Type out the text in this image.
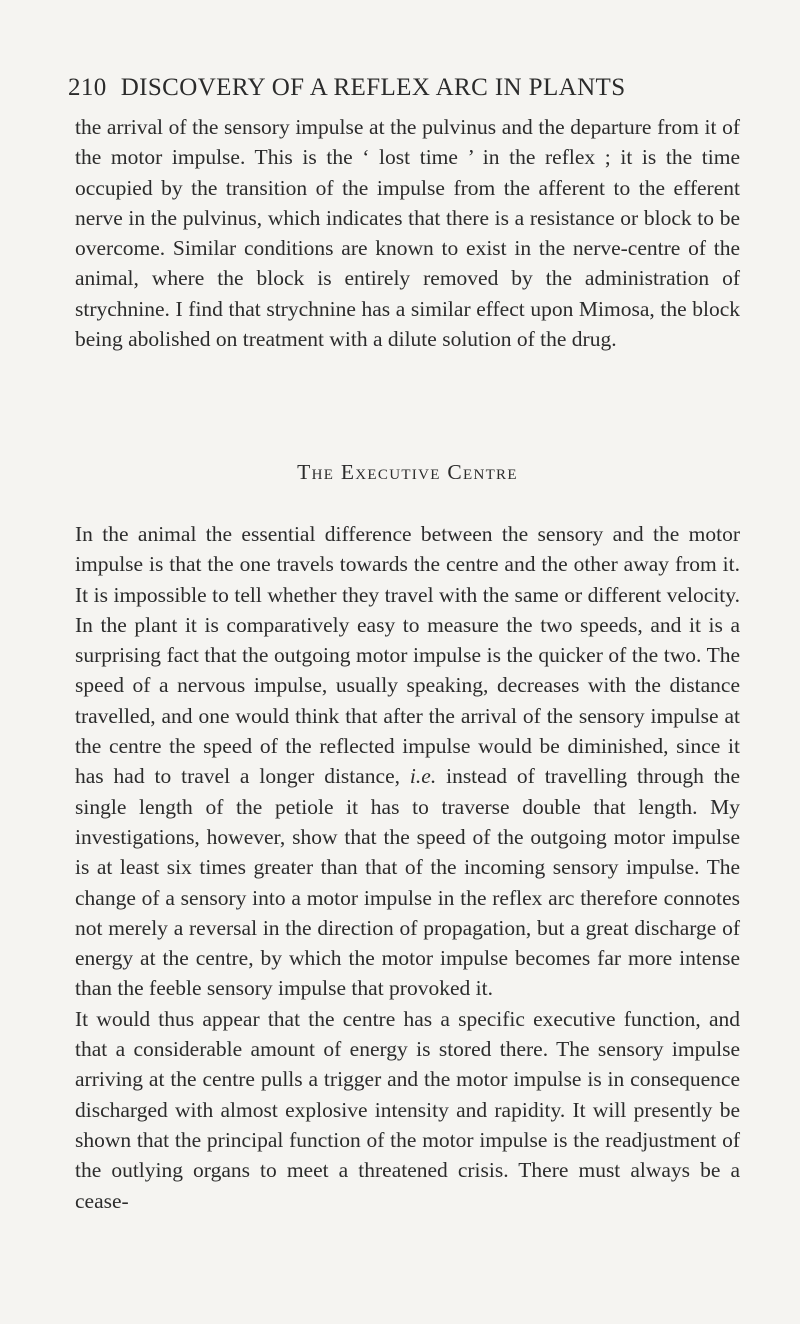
210 DISCOVERY OF A REFLEX ARC IN PLANTS

the arrival of the sensory impulse at the pulvinus and the departure from it of the motor impulse. This is the ‘ lost time ’ in the reflex ; it is the time occupied by the transition of the impulse from the afferent to the efferent nerve in the pulvinus, which indicates that there is a resistance or block to be overcome. Similar conditions are known to exist in the nerve-centre of the animal, where the block is entirely removed by the administration of strychnine. I find that strychnine has a similar effect upon Mimosa, the block being abolished on treatment with a dilute solution of the drug.

The Executive Centre

In the animal the essential difference between the sensory and the motor impulse is that the one travels towards the centre and the other away from it. It is impossible to tell whether they travel with the same or different velocity. In the plant it is comparatively easy to measure the two speeds, and it is a surprising fact that the outgoing motor impulse is the quicker of the two. The speed of a nervous impulse, usually speaking, decreases with the distance travelled, and one would think that after the arrival of the sensory impulse at the centre the speed of the reflected impulse would be diminished, since it has had to travel a longer distance, i.e. instead of travelling through the single length of the petiole it has to traverse double that length. My investigations, however, show that the speed of the outgoing motor impulse is at least six times greater than that of the incoming sensory impulse. The change of a sensory into a motor impulse in the reflex arc therefore connotes not merely a reversal in the direction of propagation, but a great discharge of energy at the centre, by which the motor impulse becomes far more intense than the feeble sensory impulse that provoked it.

It would thus appear that the centre has a specific executive function, and that a considerable amount of energy is stored there. The sensory impulse arriving at the centre pulls a trigger and the motor impulse is in consequence discharged with almost explosive intensity and rapidity. It will presently be shown that the principal function of the motor impulse is the readjustment of the outlying organs to meet a threatened crisis. There must always be a cease-
